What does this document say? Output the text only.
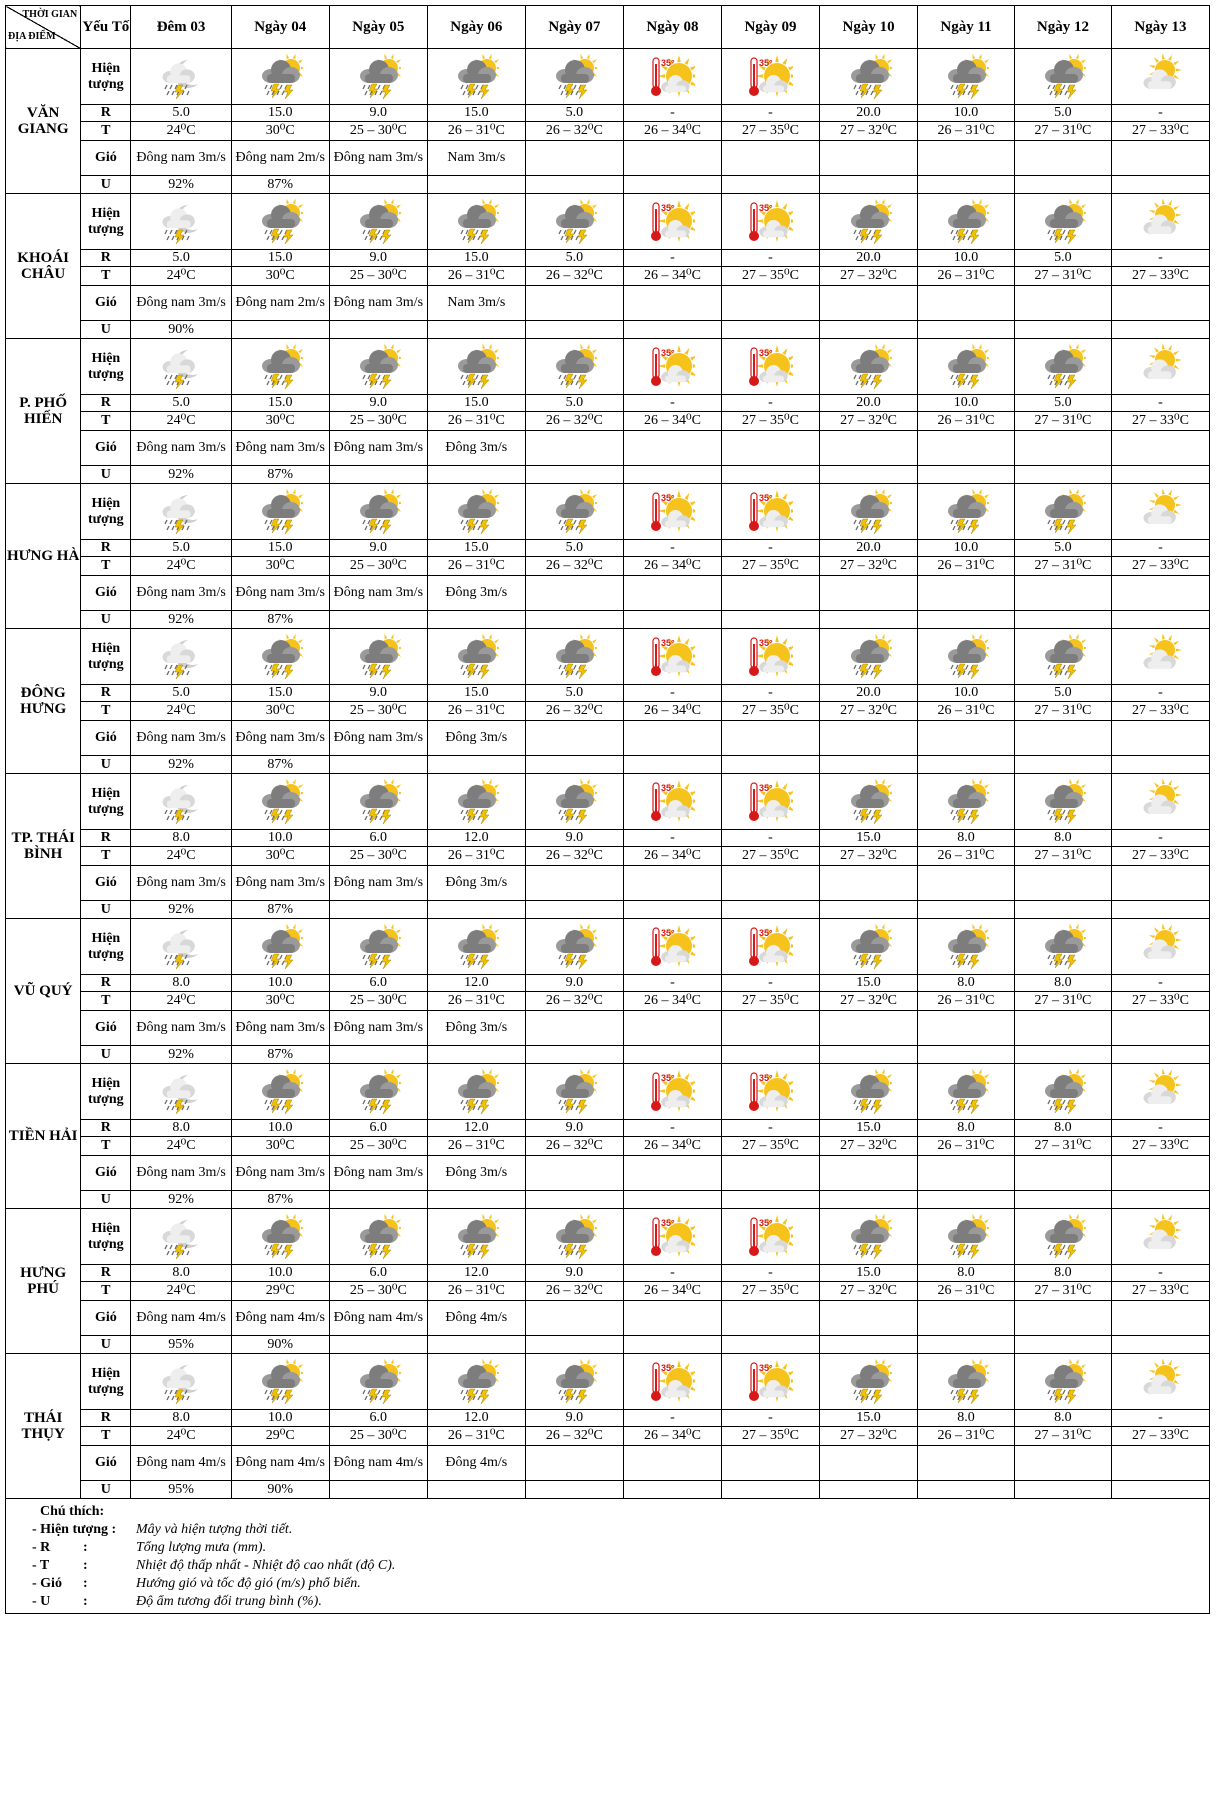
THỜI GIAN
ĐỊA ĐIỂM	Yếu Tố	Đêm 03	Ngày 04	Ngày 05	Ngày 06	Ngày 07	Ngày 08	Ngày 09	Ngày 10	Ngày 11	Ngày 12	Ngày 13
VĂN GIANG	Hiện tượng						35°	35°

	R	5.0	15.0	9.0	15.0	5.0	-	-	20.0	10.0	5.0	-
	T	24⁰C	30⁰C	25 – 30⁰C	26 – 31⁰C	26 – 32⁰C	26 – 34⁰C	27 – 35⁰C	27 – 32⁰C	26 – 31⁰C	27 – 31⁰C	27 – 33⁰C
	Gió	Đông nam 3m/s	Đông nam 2m/s	Đông nam 3m/s	Nam 3m/s							
	U	92%	87%									
KHOÁI CHÂU	Hiện tượng						35°	35°

	R	5.0	15.0	9.0	15.0	5.0	-	-	20.0	10.0	5.0	-
	T	24⁰C	30⁰C	25 – 30⁰C	26 – 31⁰C	26 – 32⁰C	26 – 34⁰C	27 – 35⁰C	27 – 32⁰C	26 – 31⁰C	27 – 31⁰C	27 – 33⁰C
	Gió	Đông nam 3m/s	Đông nam 2m/s	Đông nam 3m/s	Nam 3m/s							
	U	90%										
P. PHỐ HIẾN	Hiện tượng						35°	35°

	R	5.0	15.0	9.0	15.0	5.0	-	-	20.0	10.0	5.0	-
	T	24⁰C	30⁰C	25 – 30⁰C	26 – 31⁰C	26 – 32⁰C	26 – 34⁰C	27 – 35⁰C	27 – 32⁰C	26 – 31⁰C	27 – 31⁰C	27 – 33⁰C
	Gió	Đông nam 3m/s	Đông nam 3m/s	Đông nam 3m/s	Đông 3m/s							
	U	92%	87%									
HƯNG HÀ	Hiện tượng						35°	35°

	R	5.0	15.0	9.0	15.0	5.0	-	-	20.0	10.0	5.0	-
	T	24⁰C	30⁰C	25 – 30⁰C	26 – 31⁰C	26 – 32⁰C	26 – 34⁰C	27 – 35⁰C	27 – 32⁰C	26 – 31⁰C	27 – 31⁰C	27 – 33⁰C
	Gió	Đông nam 3m/s	Đông nam 3m/s	Đông nam 3m/s	Đông 3m/s							
	U	92%	87%									
ĐÔNG HƯNG	Hiện tượng						35°	35°

	R	5.0	15.0	9.0	15.0	5.0	-	-	20.0	10.0	5.0	-
	T	24⁰C	30⁰C	25 – 30⁰C	26 – 31⁰C	26 – 32⁰C	26 – 34⁰C	27 – 35⁰C	27 – 32⁰C	26 – 31⁰C	27 – 31⁰C	27 – 33⁰C
	Gió	Đông nam 3m/s	Đông nam 3m/s	Đông nam 3m/s	Đông 3m/s							
	U	92%	87%									
TP. THÁI BÌNH	Hiện tượng						35°	35°

	R	8.0	10.0	6.0	12.0	9.0	-	-	15.0	8.0	8.0	-
	T	24⁰C	30⁰C	25 – 30⁰C	26 – 31⁰C	26 – 32⁰C	26 – 34⁰C	27 – 35⁰C	27 – 32⁰C	26 – 31⁰C	27 – 31⁰C	27 – 33⁰C
	Gió	Đông nam 3m/s	Đông nam 3m/s	Đông nam 3m/s	Đông 3m/s							
	U	92%	87%									
VŨ QUÝ	Hiện tượng						35°	35°

	R	8.0	10.0	6.0	12.0	9.0	-	-	15.0	8.0	8.0	-
	T	24⁰C	30⁰C	25 – 30⁰C	26 – 31⁰C	26 – 32⁰C	26 – 34⁰C	27 – 35⁰C	27 – 32⁰C	26 – 31⁰C	27 – 31⁰C	27 – 33⁰C
	Gió	Đông nam 3m/s	Đông nam 3m/s	Đông nam 3m/s	Đông 3m/s							
	U	92%	87%									
TIỀN HẢI	Hiện tượng						35°	35°

	R	8.0	10.0	6.0	12.0	9.0	-	-	15.0	8.0	8.0	-
	T	24⁰C	30⁰C	25 – 30⁰C	26 – 31⁰C	26 – 32⁰C	26 – 34⁰C	27 – 35⁰C	27 – 32⁰C	26 – 31⁰C	27 – 31⁰C	27 – 33⁰C
	Gió	Đông nam 3m/s	Đông nam 3m/s	Đông nam 3m/s	Đông 3m/s							
	U	92%	87%									
HƯNG PHÚ	Hiện tượng						35°	35°

	R	8.0	10.0	6.0	12.0	9.0	-	-	15.0	8.0	8.0	-
	T	24⁰C	29⁰C	25 – 30⁰C	26 – 31⁰C	26 – 32⁰C	26 – 34⁰C	27 – 35⁰C	27 – 32⁰C	26 – 31⁰C	27 – 31⁰C	27 – 33⁰C
	Gió	Đông nam 4m/s	Đông nam 4m/s	Đông nam 4m/s	Đông 4m/s							
	U	95%	90%									
THÁI THỤY	Hiện tượng						35°	35°

	R	8.0	10.0	6.0	12.0	9.0	-	-	15.0	8.0	8.0	-
	T	24⁰C	29⁰C	25 – 30⁰C	26 – 31⁰C	26 – 32⁰C	26 – 34⁰C	27 – 35⁰C	27 – 32⁰C	26 – 31⁰C	27 – 31⁰C	27 – 33⁰C
	Gió	Đông nam 4m/s	Đông nam 4m/s	Đông nam 4m/s	Đông 4m/s							
	U	95%	90%									
Chú thích:
- Hiện tượng :	Mây và hiện tượng thời tiết.
- R :	Tổng lượng mưa (mm).
- T :	Nhiệt độ thấp nhất - Nhiệt độ cao nhất (độ C).
- Gió :	Hướng gió và tốc độ gió (m/s) phổ biến.
- U :	Độ ẩm tương đối trung bình (%).
